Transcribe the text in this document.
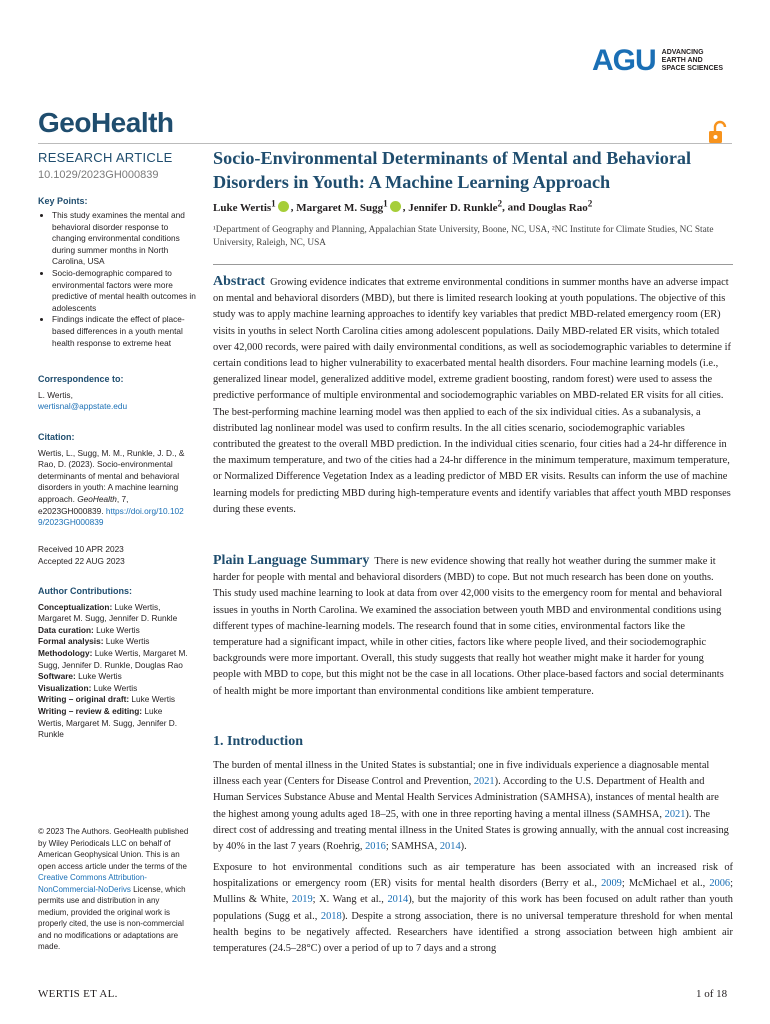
AGU ADVANCING
EARTH AND
SPACE SCIENCES
GeoHealth
RESEARCH ARTICLE
10.1029/2023GH000839
Key Points:
• This study examines the mental and behavioral disorder response to changing environmental conditions during summer months in North Carolina, USA
• Socio-demographic compared to environmental factors were more predictive of mental health outcomes in adolescents
• Findings indicate the effect of place-based differences in a youth mental health response to extreme heat
Correspondence to:
L. Wertis,
wertisnal@appstate.edu
Citation:
Wertis, L., Sugg, M. M., Runkle, J. D., & Rao, D. (2023). Socio-environmental determinants of mental and behavioral disorders in youth: A machine learning approach. GeoHealth, 7, e2023GH000839. https://doi.org/10.1029/2023GH000839
Received 10 APR 2023
Accepted 22 AUG 2023
Author Contributions:
Conceptualization: Luke Wertis, Margaret M. Sugg, Jennifer D. Runkle
Data curation: Luke Wertis
Formal analysis: Luke Wertis
Methodology: Luke Wertis, Margaret M. Sugg, Jennifer D. Runkle, Douglas Rao
Software: Luke Wertis
Visualization: Luke Wertis
Writing – original draft: Luke Wertis
Writing – review & editing: Luke Wertis, Margaret M. Sugg, Jennifer D. Runkle
© 2023 The Authors. GeoHealth published by Wiley Periodicals LLC on behalf of American Geophysical Union. This is an open access article under the terms of the Creative Commons Attribution-NonCommercial-NoDerivs License, which permits use and distribution in any medium, provided the original work is properly cited, the use is non-commercial and no modifications or adaptations are made.
Socio-Environmental Determinants of Mental and Behavioral Disorders in Youth: A Machine Learning Approach
Luke Wertis$^1$ , Margaret M. Sugg$^1$ , Jennifer D. Runkle$^2$, and Douglas Rao$^2$
¹Department of Geography and Planning, Appalachian State University, Boone, NC, USA, ²NC Institute for Climate Studies, NC State University, Raleigh, NC, USA
Abstract Growing evidence indicates that extreme environmental conditions in summer months have an adverse impact on mental and behavioral disorders (MBD), but there is limited research looking at youth populations. The objective of this study was to apply machine learning approaches to identify key variables that predict MBD-related emergency room (ER) visits in youths in select North Carolina cities among adolescent populations. Daily MBD-related ER visits, which totaled over 42,000 records, were paired with daily environmental conditions, as well as sociodemographic variables to determine if certain conditions lead to higher vulnerability to exacerbated mental health disorders. Four machine learning models (i.e., generalized linear model, generalized additive model, extreme gradient boosting, random forest) were used to assess the predictive performance of multiple environmental and sociodemographic variables on MBD-related ER visits for all cities. The best-performing machine learning model was then applied to each of the six individual cities. As a subanalysis, a distributed lag nonlinear model was used to confirm results. In the all cities scenario, sociodemographic variables contributed the greatest to the overall MBD prediction. In the individual cities scenario, four cities had a 24-hr difference in the maximum temperature, and two of the cities had a 24-hr difference in the minimum temperature, maximum temperature, or Normalized Difference Vegetation Index as a leading predictor of MBD ER visits. Results can inform the use of machine learning models for predicting MBD during high-temperature events and identify variables that affect youth MBD responses during these events.
Plain Language Summary There is new evidence showing that really hot weather during the summer make it harder for people with mental and behavioral disorders (MBD) to cope. But not much research has been done on youths. This study used machine learning to look at data from over 42,000 visits to the emergency room for mental and behavioral issues in youths in North Carolina. We examined the association between youth MBD and environmental conditions using different types of machine-learning models. The research found that in some cities, environmental factors like the temperature had a significant impact, while in other cities, factors like where people lived, and their sociodemographic backgrounds were more important. Overall, this study suggests that really hot weather might make it harder for young people with MBD to cope, but this might not be the case in all locations. Other place-based factors and social determinants of health might be more important than environmental conditions like ambient temperature.
1. Introduction
The burden of mental illness in the United States is substantial; one in five individuals experience a diagnosable mental illness each year (Centers for Disease Control and Prevention, 2021). According to the U.S. Department of Health and Human Services Substance Abuse and Mental Health Services Administration (SAMHSA), instances of mental health are the highest among young adults aged 18–25, with one in three reporting having a mental illness (SAMHSA, 2021). The direct cost of addressing and treating mental illness in the United States is growing annually, with the annual cost increasing by 40% in the last 7 years (Roehrig, 2016; SAMHSA, 2014).
Exposure to hot environmental conditions such as air temperature has been associated with an increased risk of hospitalizations or emergency room (ER) visits for mental health disorders (Berry et al., 2009; McMichael et al., 2006; Mullins & White, 2019; X. Wang et al., 2014), but the majority of this work has been focused on adult rather than youth populations (Sugg et al., 2018). Despite a strong association, there is no universal temperature threshold for when mental health begins to be negatively affected. Researchers have identified a strong association between high ambient air temperatures (24.5–28°C) over a period of up to 7 days and a strong
WERTIS ET AL.	1 of 18
